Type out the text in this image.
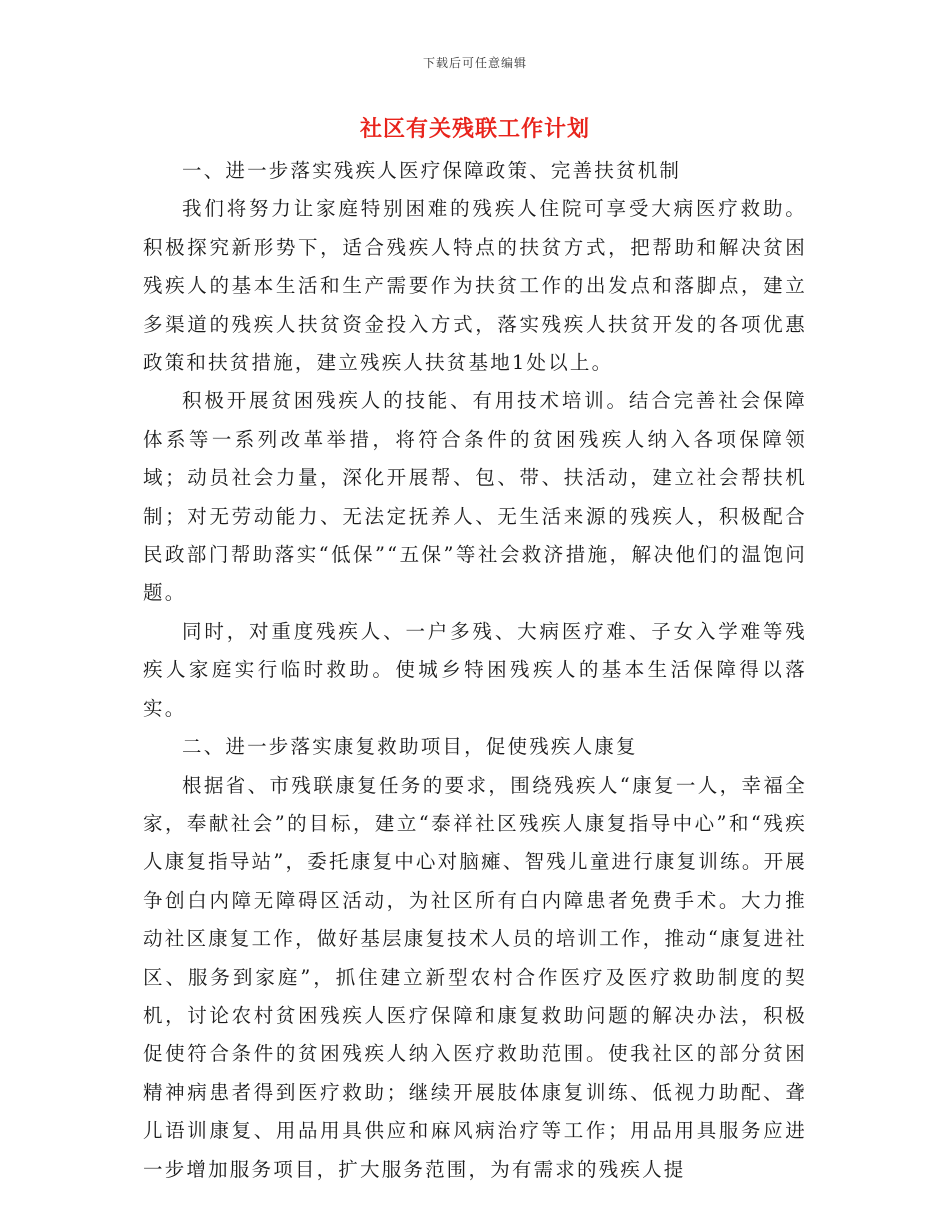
下载后可任意编辑
社区有关残联工作计划

一、进一步落实残疾人医疗保障政策、完善扶贫机制

我们将努力让家庭特别困难的残疾人住院可享受大病医疗救助。积极探究新形势下，适合残疾人特点的扶贫方式，把帮助和解决贫困残疾人的基本生活和生产需要作为扶贫工作的出发点和落脚点，建立多渠道的残疾人扶贫资金投入方式，落实残疾人扶贫开发的各项优惠政策和扶贫措施，建立残疾人扶贫基地1处以上。

积极开展贫困残疾人的技能、有用技术培训。结合完善社会保障体系等一系列改革举措，将符合条件的贫困残疾人纳入各项保障领域；动员社会力量，深化开展帮、包、带、扶活动，建立社会帮扶机制；对无劳动能力、无法定抚养人、无生活来源的残疾人，积极配合民政部门帮助落实“低保”“五保”等社会救济措施，解决他们的温饱问题。

同时，对重度残疾人、一户多残、大病医疗难、子女入学难等残疾人家庭实行临时救助。使城乡特困残疾人的基本生活保障得以落实。

二、进一步落实康复救助项目，促使残疾人康复

根据省、市残联康复任务的要求，围绕残疾人“康复一人，幸福全家，奉献社会”的目标，建立“泰祥社区残疾人康复指导中心”和“残疾人康复指导站”，委托康复中心对脑瘫、智残儿童进行康复训练。开展争创白内障无障碍区活动，为社区所有白内障患者免费手术。大力推动社区康复工作，做好基层康复技术人员的培训工作，推动“康复进社区、服务到家庭”，抓住建立新型农村合作医疗及医疗救助制度的契机，讨论农村贫困残疾人医疗保障和康复救助问题的解决办法，积极促使符合条件的贫困残疾人纳入医疗救助范围。使我社区的部分贫困精神病患者得到医疗救助；继续开展肢体康复训练、低视力助配、聋儿语训康复、用品用具供应和麻风病治疗等工作；用品用具服务应进一步增加服务项目，扩大服务范围，为有需求的残疾人提
